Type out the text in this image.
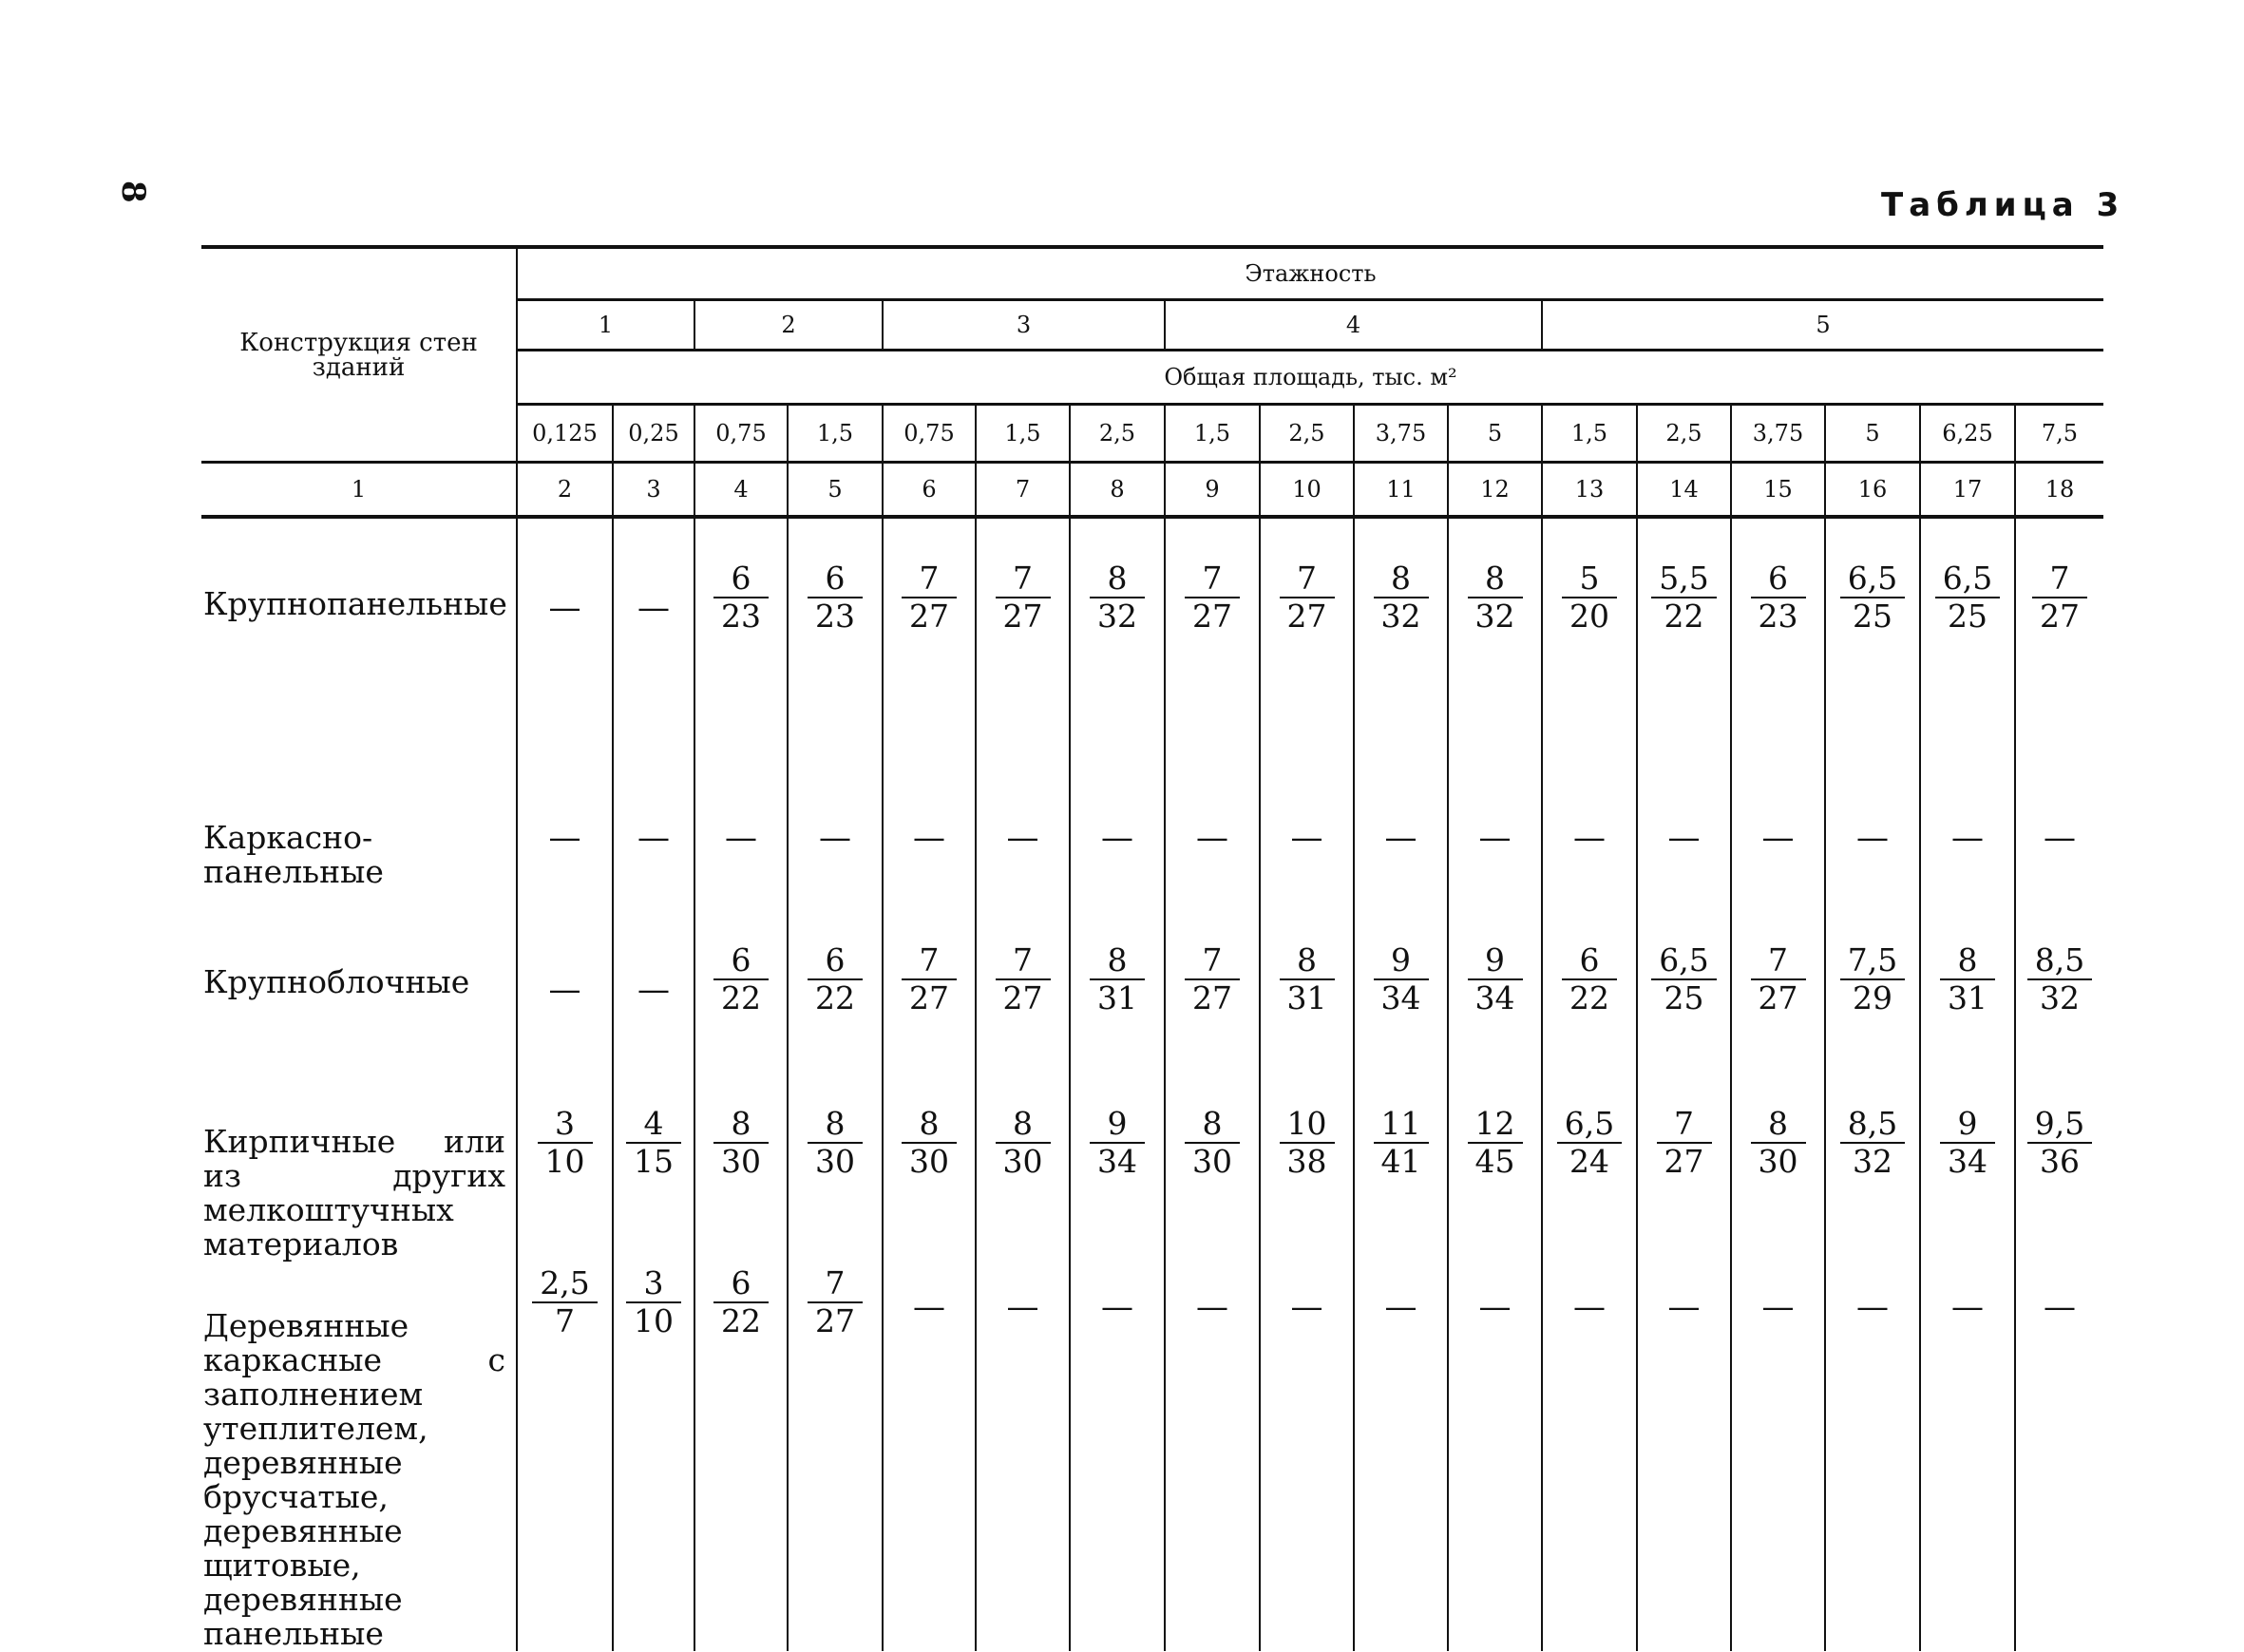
8	Таблица 3
Конструкция стен зданий	Этажность																
	1		2		3			4				5					
	Общая площадь, тыс. м²																
	0,125	0,25	0,75	1,5	0,75	1,5	2,5	1,5	2,5	3,75	5	1,5	2,5	3,75	5	6,25	7,5
1	2	3	4	5	6	7	8	9	10	11	12	13	14	15	16	17	18

Крупнопанельные	—	—	$\frac{6}{23}$	$\frac{6}{23}$	$\frac{7}{27}$	$\frac{7}{27}$	$\frac{8}{32}$	$\frac{7}{27}$	$\frac{7}{27}$	$\frac{8}{32}$	$\frac{8}{32}$	$\frac{5}{20}$	$\frac{5,5}{22}$	$\frac{6}{23}$	$\frac{6,5}{25}$	$\frac{6,5}{25}$	$\frac{7}{27}$

Каркасно-панельные	—	—	—	—	—	—	—	—	—	—	—	—	—	—	—	—	—

Крупноблочные	—	—	$\frac{6}{22}$	$\frac{6}{22}$	$\frac{7}{27}$	$\frac{7}{27}$	$\frac{8}{31}$	$\frac{7}{27}$	$\frac{8}{31}$	$\frac{9}{34}$	$\frac{9}{34}$	$\frac{6}{22}$	$\frac{6,5}{25}$	$\frac{7}{27}$	$\frac{7,5}{29}$	$\frac{8}{31}$	$\frac{8,5}{32}$

Кирпичные или из других мелкоштучных материалов	$\frac{3}{10}$	$\frac{4}{15}$	$\frac{8}{30}$	$\frac{8}{30}$	$\frac{8}{30}$	$\frac{8}{30}$	$\frac{9}{34}$	$\frac{8}{30}$	$\frac{10}{38}$	$\frac{11}{41}$	$\frac{12}{45}$	$\frac{6,5}{24}$	$\frac{7}{27}$	$\frac{8}{30}$	$\frac{8,5}{32}$	$\frac{9}{34}$	$\frac{9,5}{36}$

Деревянные каркасные с заполнением утеплителем, деревянные брусчатые, деревянные щитовые, деревянные панельные	$\frac{2,5}{7}$	$\frac{3}{10}$	$\frac{6}{22}$	$\frac{7}{27}$	—	—	—	—	—	—	—	—	—	—	—	—	—
